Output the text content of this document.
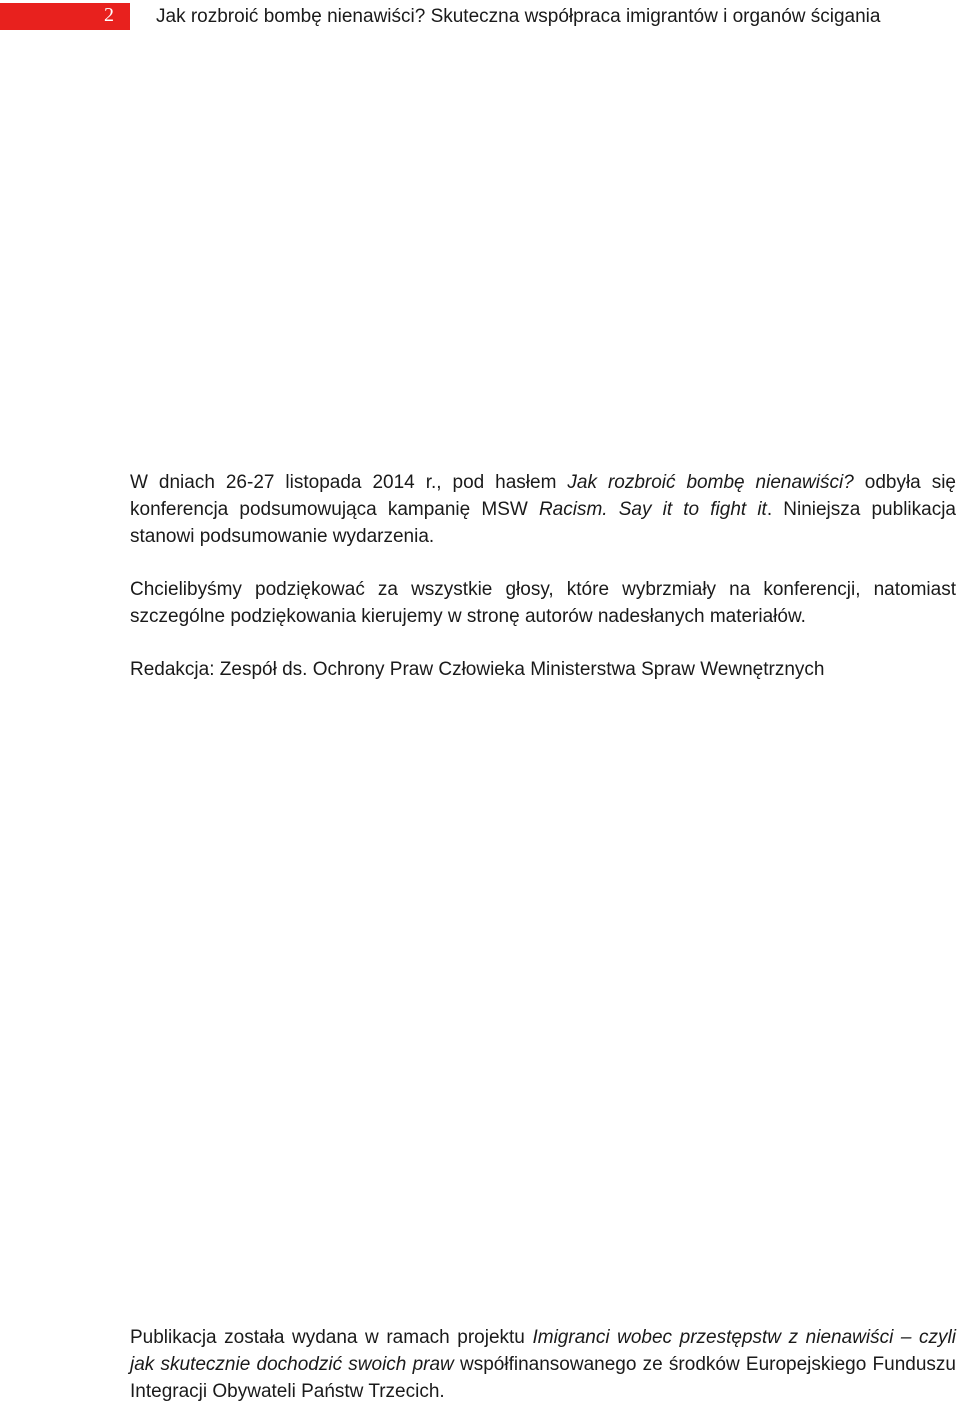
2 Jak rozbroić bombę nienawiści? Skuteczna współpraca imigrantów i organów ścigania

W dniach 26-27 listopada 2014 r., pod hasłem Jak rozbroić bombę nienawiści? odbyła się konferencja podsumowująca kampanię MSW Racism. Say it to fight it. Niniejsza publikacja stanowi podsumowanie wydarzenia.

Chcielibyśmy podziękować za wszystkie głosy, które wybrzmiały na konferencji, natomiast szczególne podziękowania kierujemy w stronę autorów nadesłanych materiałów.

Redakcja: Zespół ds. Ochrony Praw Człowieka Ministerstwa Spraw Wewnętrznych

Publikacja została wydana w ramach projektu Imigranci wobec przestępstw z nienawiści – czyli jak skutecznie dochodzić swoich praw współfinansowanego ze środków Europejskiego Funduszu Integracji Obywateli Państw Trzecich.
